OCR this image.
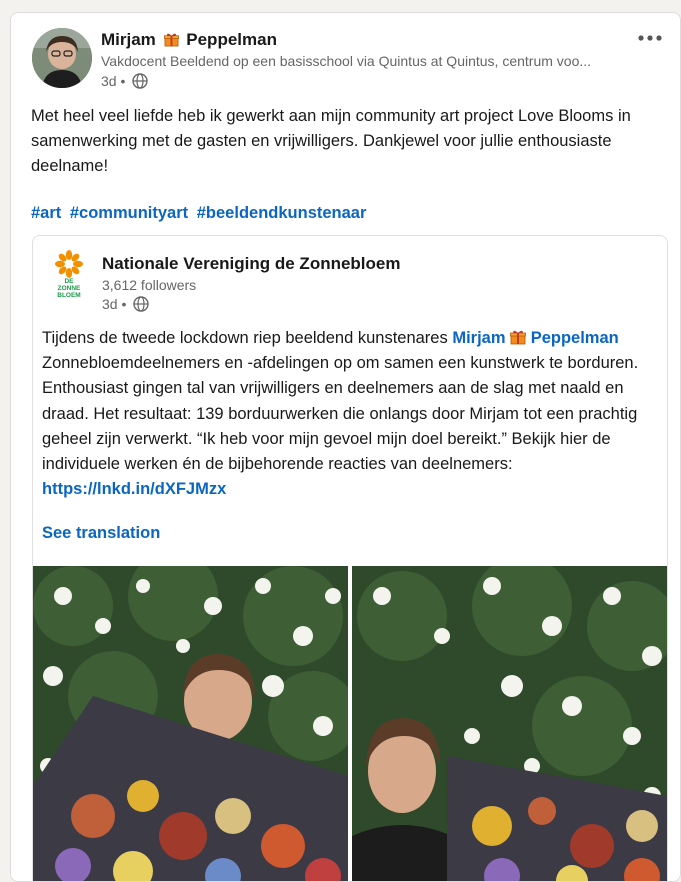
Mirjam Peppelman
Vakdocent Beeldend op een basisschool via Quintus at Quintus, centrum voo...
3d •
Met heel veel liefde heb ik gewerkt aan mijn community art project Love Blooms in samenwerking met de gasten en vrijwilligers. Dankjewel voor jullie enthousiaste deelname!
#art #communityart #beeldendkunstenaar
DE
ZONNE
BLOEM
Nationale Vereniging de Zonnebloem
3,612 followers
3d •
Tijdens de tweede lockdown riep beeldend kunstenares Mirjam Peppelman Zonnebloemdeelnemers en -afdelingen op om samen een kunstwerk te borduren. Enthousiast gingen tal van vrijwilligers en deelnemers aan de slag met naald en draad. Het resultaat: 139 borduurwerken die onlangs door Mirjam tot een prachtig geheel zijn verwerkt. “Ik heb voor mijn gevoel mijn doel bereikt.” Bekijk hier de individuele werken én de bijbehorende reacties van deelnemers: https://lnkd.in/dXFJMzx
See translation
